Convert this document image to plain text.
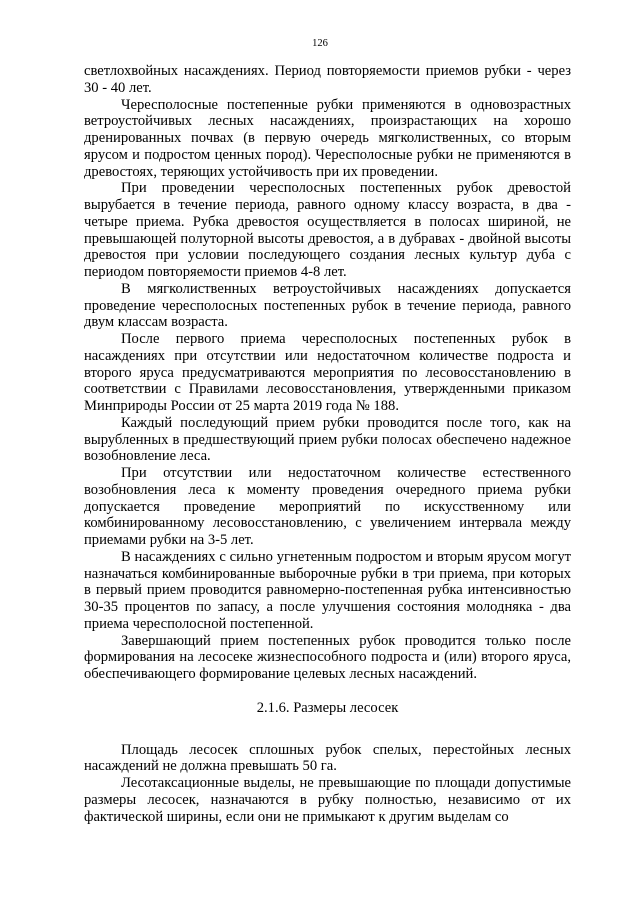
126

светлохвойных насаждениях. Период повторяемости приемов рубки - через 30 - 40 лет.

Чересполосные постепенные рубки применяются в одновозрастных ветроустойчивых лесных насаждениях, произрастающих на хорошо дренированных почвах (в первую очередь мягколиственных, со вторым ярусом и подростом ценных пород). Чересполосные рубки не применяются в древостоях, теряющих устойчивость при их проведении.

При проведении чересполосных постепенных рубок древостой вырубается в течение периода, равного одному классу возраста, в два - четыре приема. Рубка древостоя осуществляется в полосах шириной, не превышающей полуторной высоты древостоя, а в дубравах - двойной высоты древостоя при условии последующего создания лесных культур дуба с периодом повторяемости приемов 4-8 лет.

В мягколиственных ветроустойчивых насаждениях допускается проведение чересполосных постепенных рубок в течение периода, равного двум классам возраста.

После первого приема чересполосных постепенных рубок в насаждениях при отсутствии или недостаточном количестве подроста и второго яруса предусматриваются мероприятия по лесовосстановлению в соответствии с Правилами лесовосстановления, утвержденными приказом Минприроды России от 25 марта 2019 года № 188.

Каждый последующий прием рубки проводится после того, как на вырубленных в предшествующий прием рубки полосах обеспечено надежное возобновление леса.

При отсутствии или недостаточном количестве естественного возобновления леса к моменту проведения очередного приема рубки допускается проведение мероприятий по искусственному или комбинированному лесовосстановлению, с увеличением интервала между приемами рубки на 3-5 лет.

В насаждениях с сильно угнетенным подростом и вторым ярусом могут назначаться комбинированные выборочные рубки в три приема, при которых в первый прием проводится равномерно-постепенная рубка интенсивностью 30-35 процентов по запасу, а после улучшения состояния молодняка - два приема чересполосной постепенной.

Завершающий прием постепенных рубок проводится только после формирования на лесосеке жизнеспособного подроста и (или) второго яруса, обеспечивающего формирование целевых лесных насаждений.

2.1.6. Размеры лесосек

Площадь лесосек сплошных рубок спелых, перестойных лесных насаждений не должна превышать 50 га.

Лесотаксационные выделы, не превышающие по площади допустимые размеры лесосек, назначаются в рубку полностью, независимо от их фактической ширины, если они не примыкают к другим выделам со
